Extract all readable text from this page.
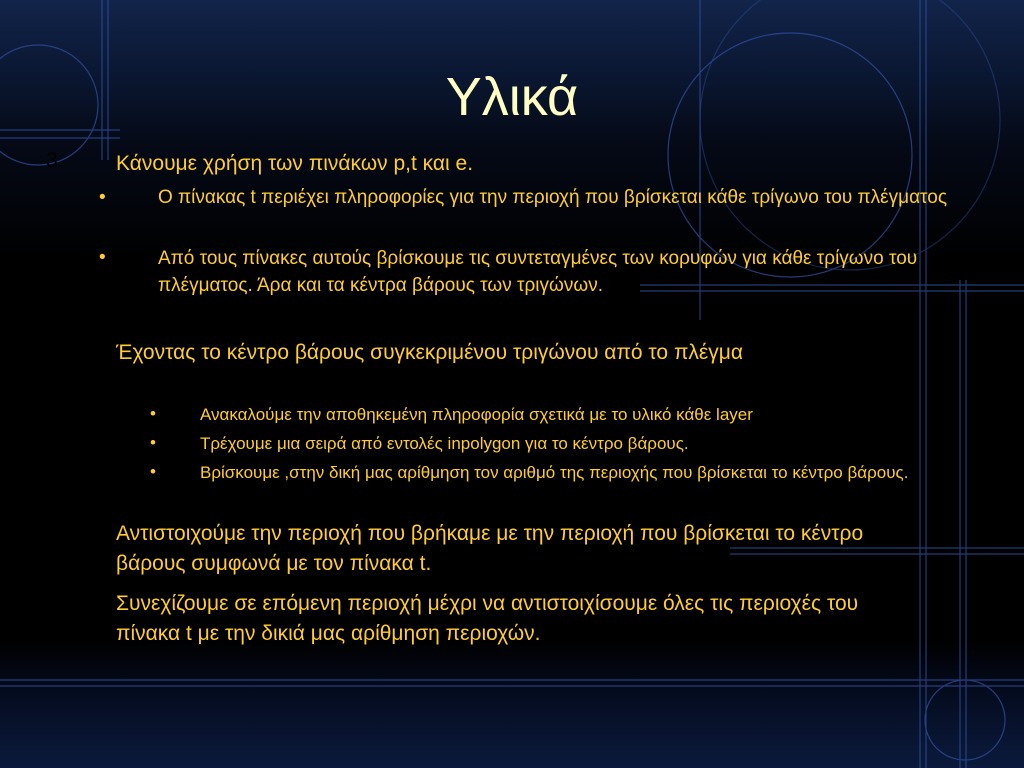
Υλικά
3. Κάνουμε χρήση των πινάκων p,t και e.

•	Ο πίνακας t περιέχει πληροφορίες για την περιοχή που βρίσκεται κάθε τρίγωνο του πλέγματος

•	Από τους πίνακες αυτούς βρίσκουμε τις συντεταγμένες των κορυφών για κάθε τρίγωνο του πλέγματος. Άρα και τα κέντρα βάρους των τριγώνων.

4. Έχοντας το κέντρο βάρους συγκεκριμένου τριγώνου από το πλέγμα

•	Ανακαλούμε την αποθηκεμένη πληροφορία σχετικά με το υλικό κάθε layer

•	Τρέχουμε μια σειρά από εντολές inpolygon για το κέντρο βάρους.

•	Βρίσκουμε ,στην δική μας αρίθμηση τον αριθμό της περιοχής που βρίσκεται το κέντρο βάρους.

5. Αντιστοιχούμε την περιοχή που βρήκαμε με την περιοχή που βρίσκεται το κέντρο βάρους συμφωνά με τον πίνακα t.

6. Συνεχίζουμε σε επόμενη περιοχή μέχρι να αντιστοιχίσουμε όλες τις περιοχές του πίνακα t με την δικιά μας αρίθμηση περιοχών.
